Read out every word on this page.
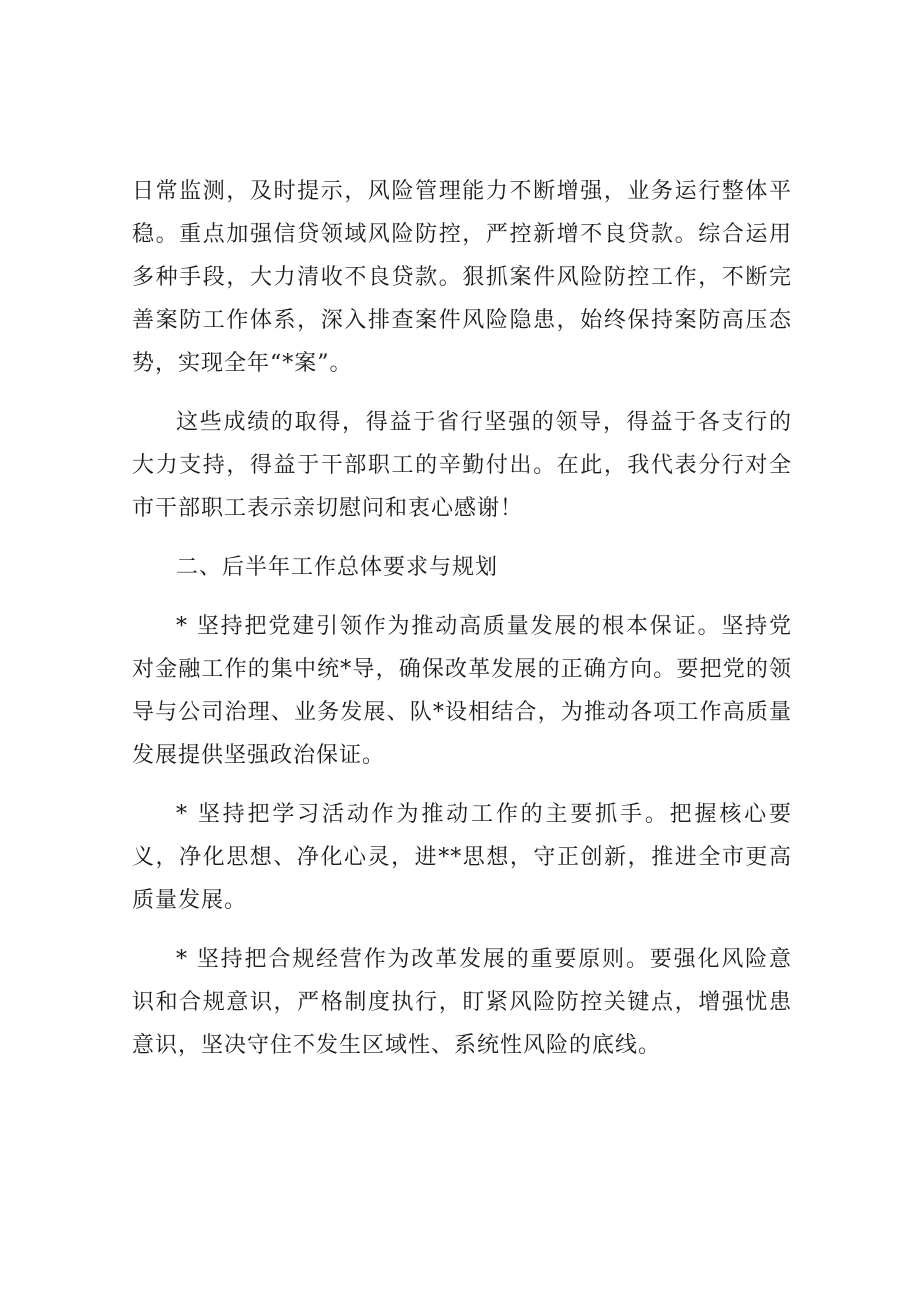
日常监测，及时提示，风险管理能力不断增强，业务运行整体平稳。重点加强信贷领域风险防控，严控新增不良贷款。综合运用多种手段，大力清收不良贷款。狠抓案件风险防控工作，不断完善案防工作体系，深入排查案件风险隐患，始终保持案防高压态势，实现全年“*案”。

这些成绩的取得，得益于省行坚强的领导，得益于各支行的大力支持，得益于干部职工的辛勤付出。在此，我代表分行对全市干部职工表示亲切慰问和衷心感谢！

二、后半年工作总体要求与规划

* 坚持把党建引领作为推动高质量发展的根本保证。坚持党对金融工作的集中统*导，确保改革发展的正确方向。要把党的领导与公司治理、业务发展、队*设相结合，为推动各项工作高质量发展提供坚强政治保证。

* 坚持把学习活动作为推动工作的主要抓手。把握核心要义，净化思想、净化心灵，进**思想，守正创新，推进全市更高质量发展。

* 坚持把合规经营作为改革发展的重要原则。要强化风险意识和合规意识，严格制度执行，盯紧风险防控关键点，增强忧患意识，坚决守住不发生区域性、系统性风险的底线。
